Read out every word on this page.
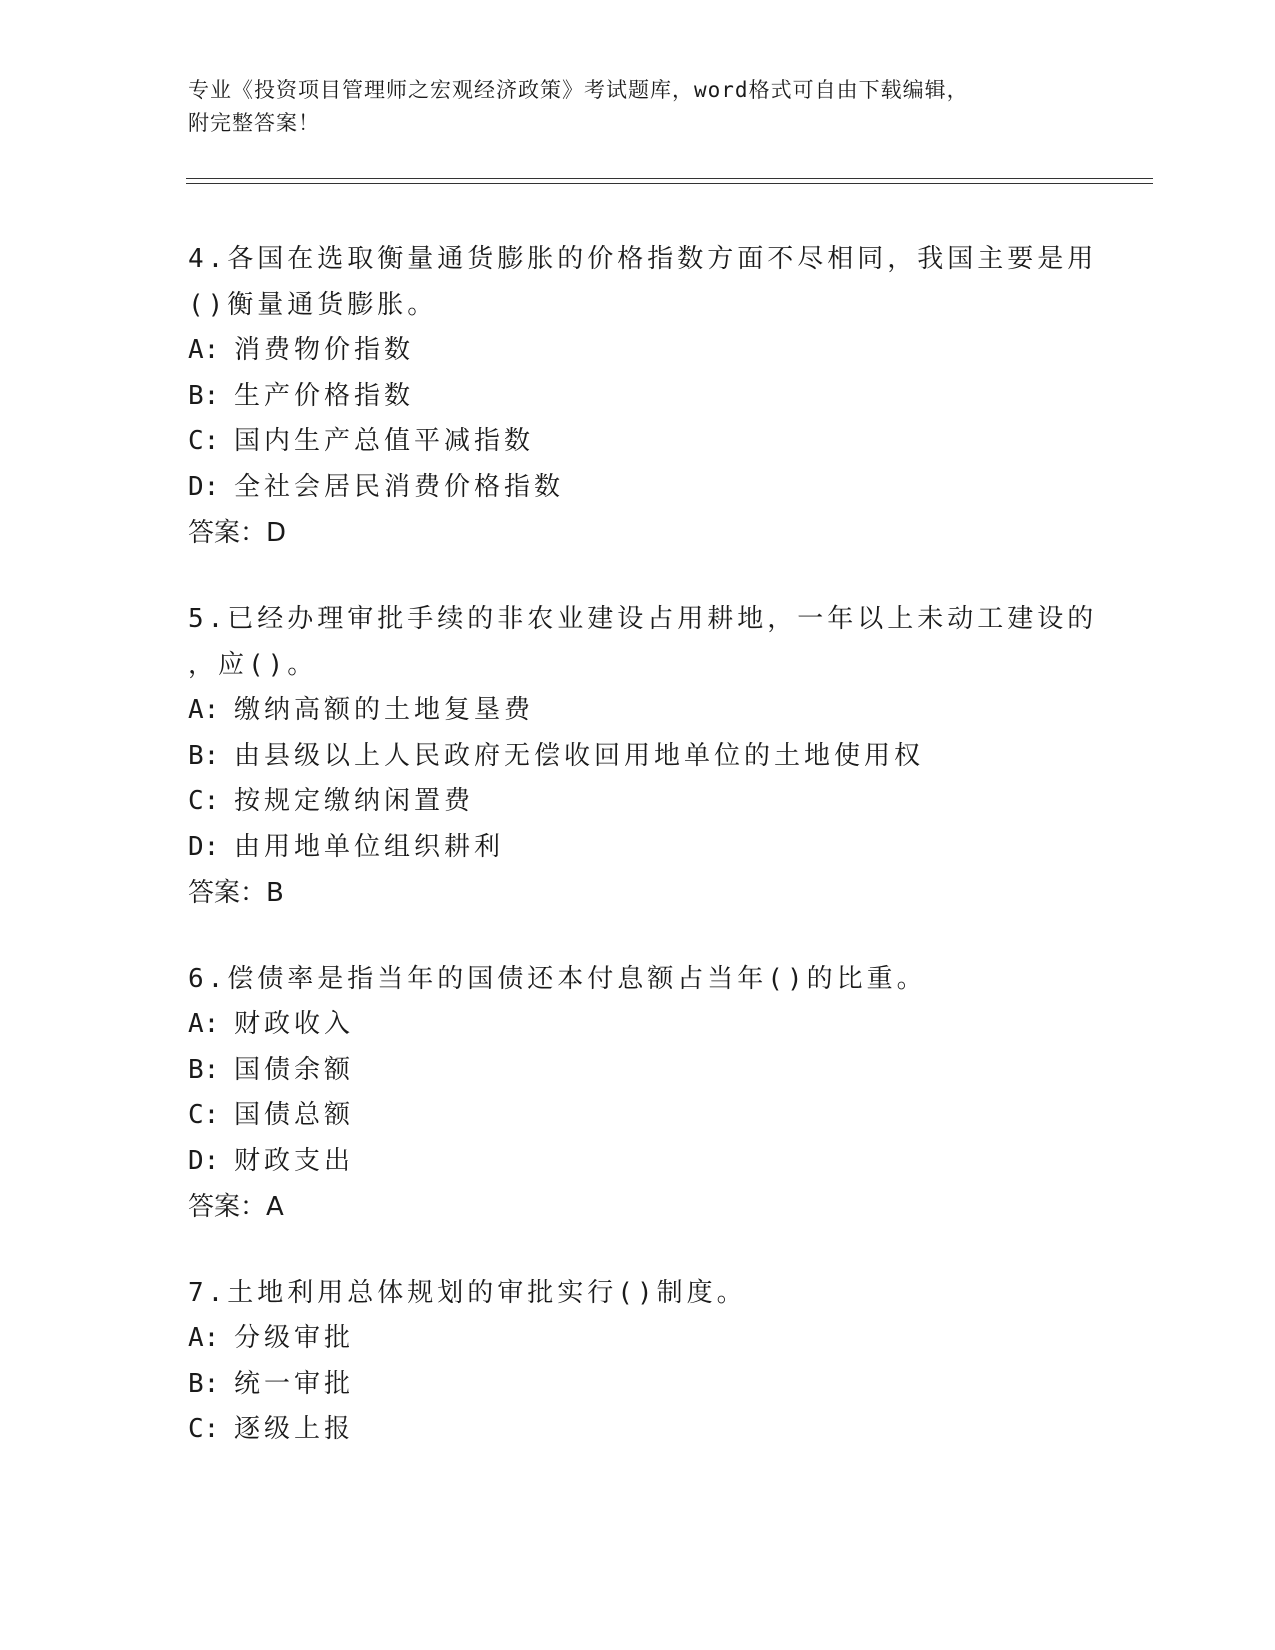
专业《投资项目管理师之宏观经济政策》考试题库，word格式可自由下载编辑，
附完整答案！
4.各国在选取衡量通货膨胀的价格指数方面不尽相同，我国主要是用
()衡量通货膨胀。
A: 消费物价指数
B: 生产价格指数
C: 国内生产总值平减指数
D: 全社会居民消费价格指数
答案：D
5.已经办理审批手续的非农业建设占用耕地，一年以上未动工建设的
，应()。
A: 缴纳高额的土地复垦费
B: 由县级以上人民政府无偿收回用地单位的土地使用权
C: 按规定缴纳闲置费
D: 由用地单位组织耕利
答案：B
6.偿债率是指当年的国债还本付息额占当年()的比重。
A: 财政收入
B: 国债余额
C: 国债总额
D: 财政支出
答案：A
7.土地利用总体规划的审批实行()制度。
A: 分级审批
B: 统一审批
C: 逐级上报
